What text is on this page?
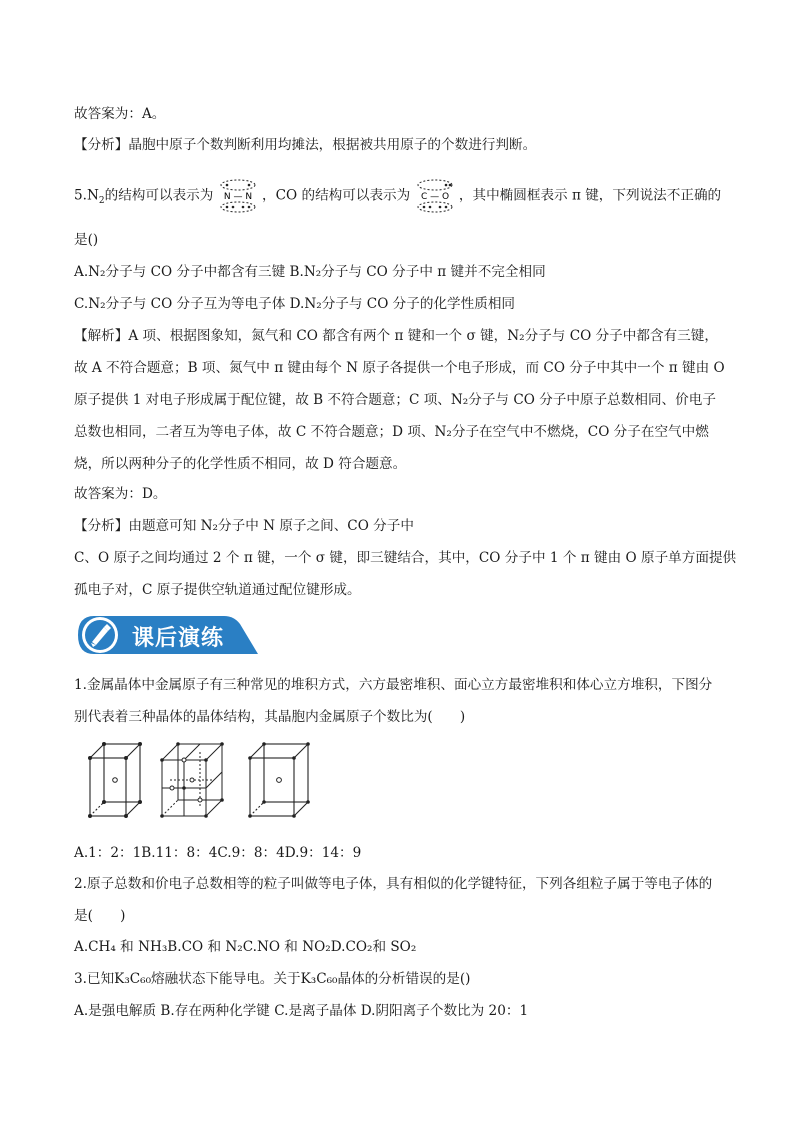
故答案为：A。
【分析】晶胞中原子个数判断利用均摊法，根据被共用原子的个数进行判断。
$5.N_2$的结构可以表示为 N — N ，CO 的结构可以表示为 C — O ，其中椭圆框表示 π 键，下列说法不正确的
是()
A.N₂分子与 CO 分子中都含有三键 B.N₂分子与 CO 分子中 π 键并不完全相同
C.N₂分子与 CO 分子互为等电子体 D.N₂分子与 CO 分子的化学性质相同
【解析】A 项、根据图象知，氮气和 CO 都含有两个 π 键和一个 σ 键，N₂分子与 CO 分子中都含有三键，
故 A 不符合题意；B 项、氮气中 π 键由每个 N 原子各提供一个电子形成，而 CO 分子中其中一个 π 键由 O
原子提供 1 对电子形成属于配位键，故 B 不符合题意；C 项、N₂分子与 CO 分子中原子总数相同、价电子
总数也相同，二者互为等电子体，故 C 不符合题意；D 项、N₂分子在空气中不燃烧，CO 分子在空气中燃
烧，所以两种分子的化学性质不相同，故 D 符合题意。
故答案为：D。
【分析】由题意可知 N₂分子中 N 原子之间、CO 分子中
C、O 原子之间均通过 2 个 π 键，一个 σ 键，即三键结合，其中，CO 分子中 1 个 π 键由 O 原子单方面提供
孤电子对，C 原子提供空轨道通过配位键形成。
课后演练
1.金属晶体中金属原子有三种常见的堆积方式，六方最密堆积、面心立方最密堆积和体心立方堆积，下图分
别代表着三种晶体的晶体结构，其晶胞内金属原子个数比为(　　)
A.1：2：1B.11：8：4C.9：8：4D.9：14：9
2.原子总数和价电子总数相等的粒子叫做等电子体，具有相似的化学键特征，下列各组粒子属于等电子体的
是(　　)
A.CH₄ 和 NH₃B.CO 和 N₂C.NO 和 NO₂D.CO₂和 SO₂
3.已知K₃C₆₀熔融状态下能导电。关于K₃C₆₀晶体的分析错误的是()
A.是强电解质 B.存在两种化学键 C.是离子晶体 D.阴阳离子个数比为 20：1
